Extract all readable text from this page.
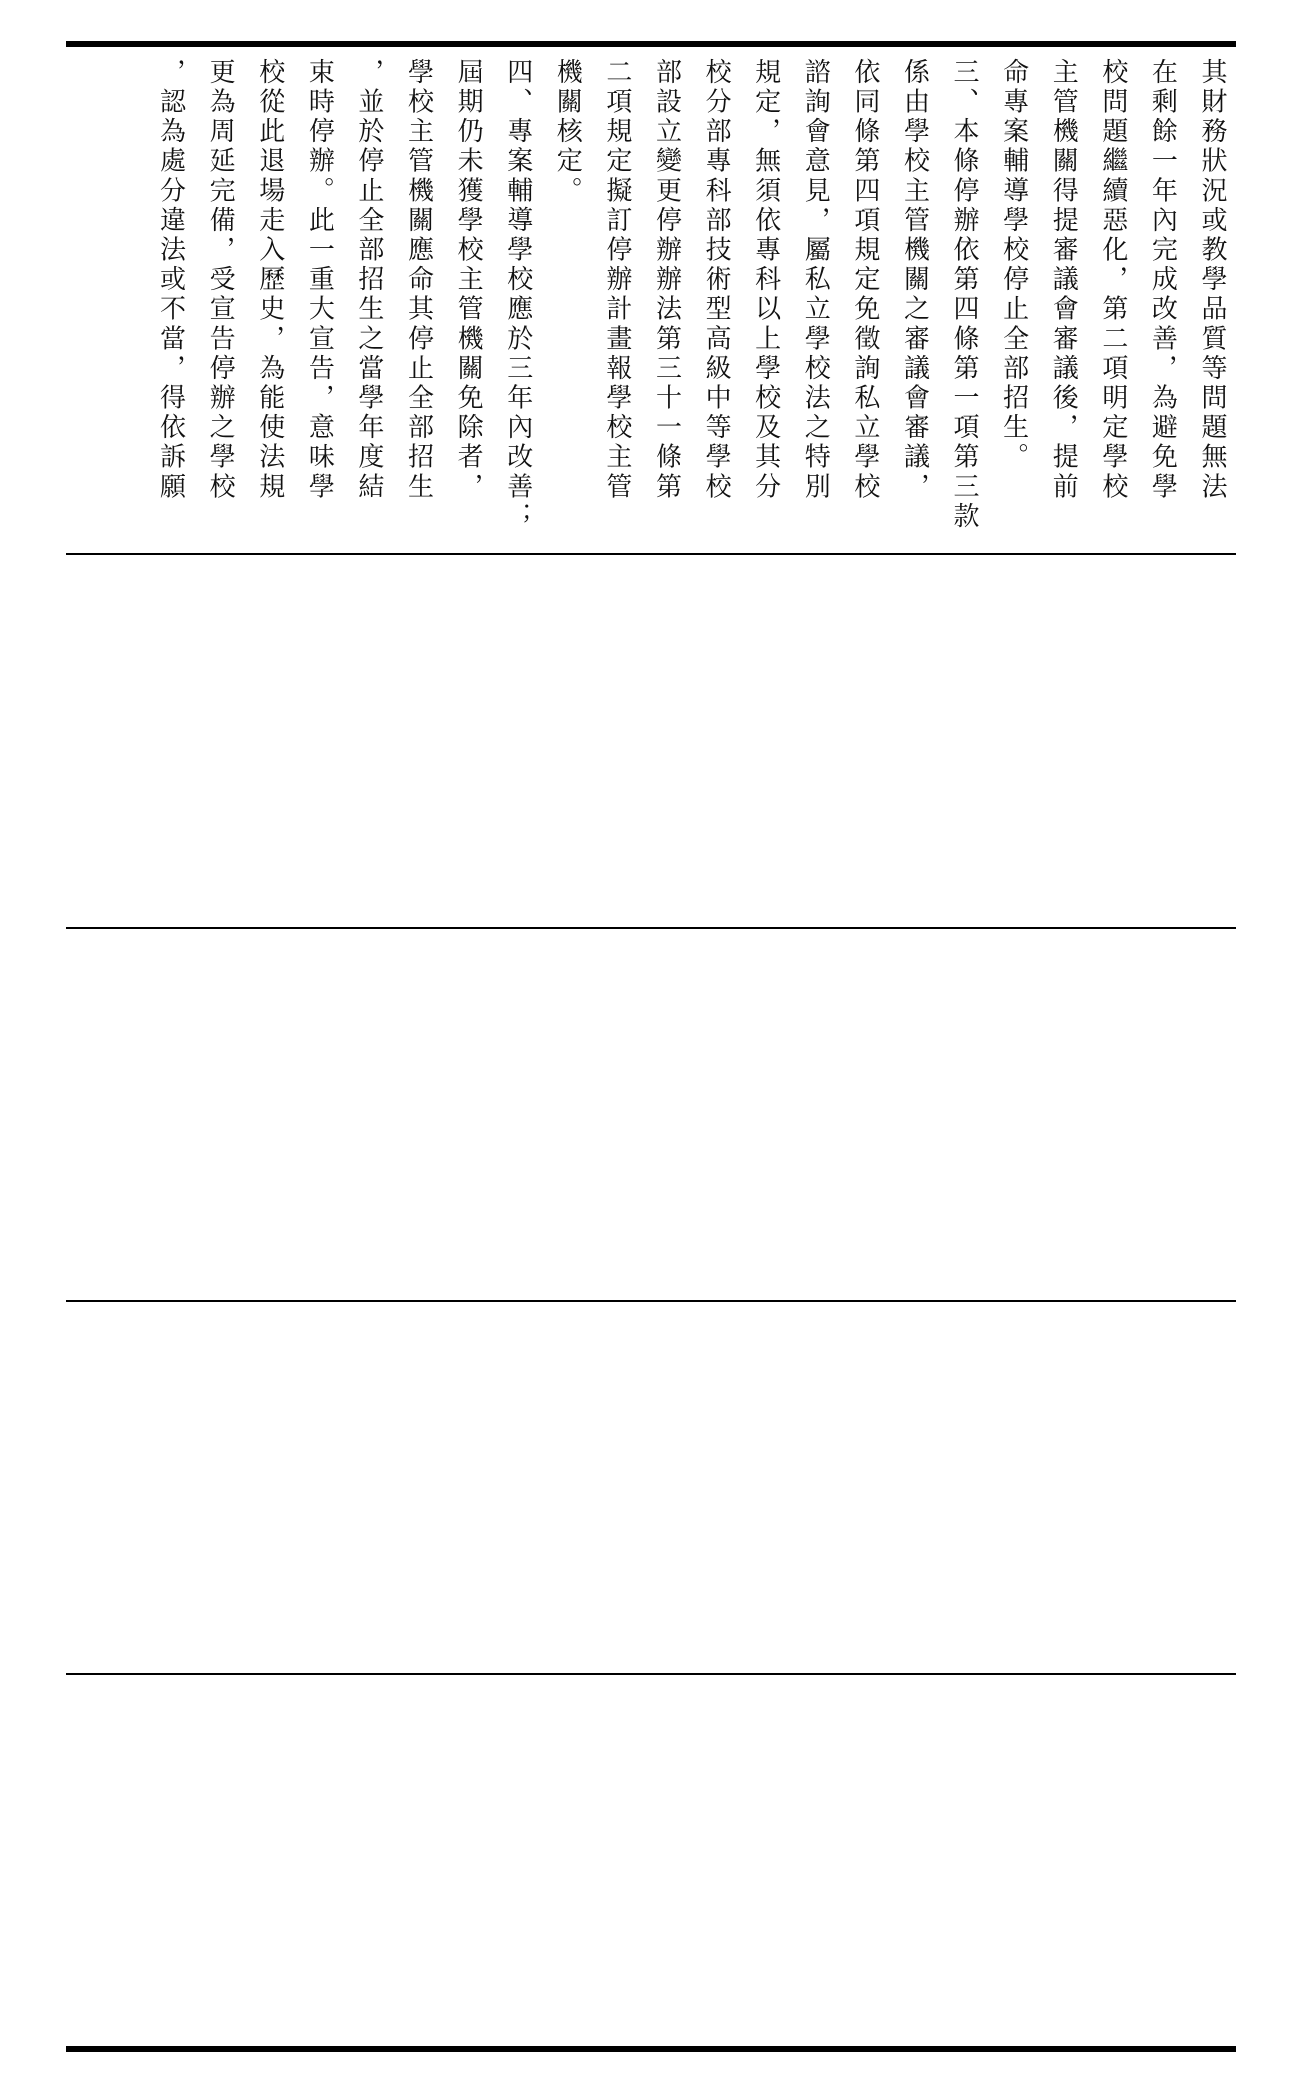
其財務狀況或教學品質等問題無法
在剩餘一年內完成改善，為避免學
校問題繼續惡化，第二項明定學校
主管機關得提審議會審議後，提前
命專案輔導學校停止全部招生。
三、本條停辦依第四條第一項第三款
係由學校主管機關之審議會審議，
依同條第四項規定免徵詢私立學校
諮詢會意見，屬私立學校法之特別
規定，無須依專科以上學校及其分
校分部專科部技術型高級中等學校
部設立變更停辦辦法第三十一條第
二項規定擬訂停辦計畫報學校主管
機關核定。
四、專案輔導學校應於三年內改善；
屆期仍未獲學校主管機關免除者，
學校主管機關應命其停止全部招生
，並於停止全部招生之當學年度結
束時停辦。此一重大宣告，意味學
校從此退場走入歷史，為能使法規
更為周延完備，受宣告停辦之學校
，認為處分違法或不當，得依訴願
